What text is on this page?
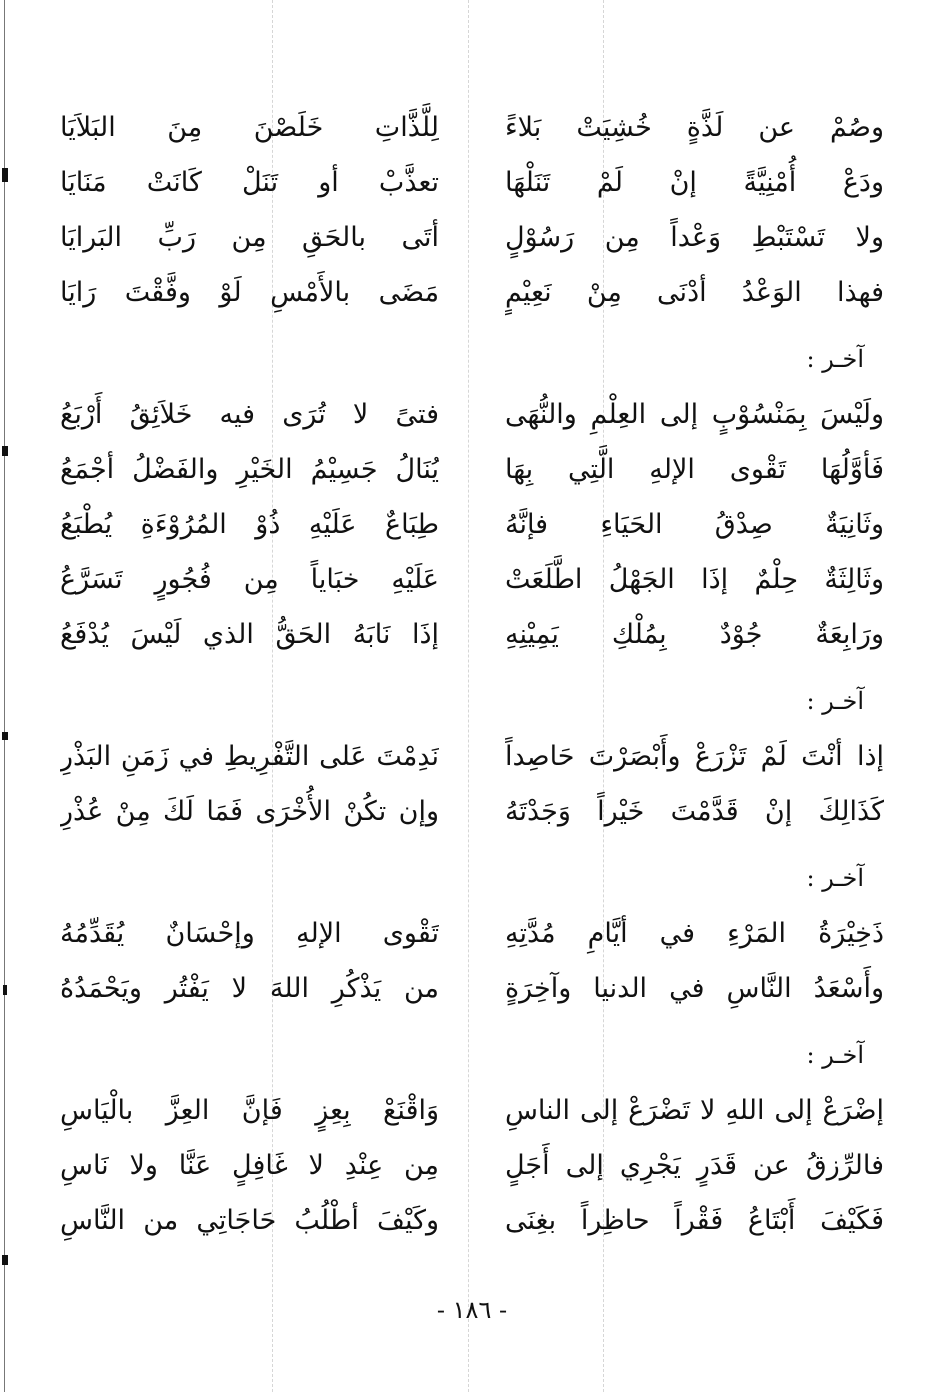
وصُمْ عن لَذَّةٍ خُشِيَتْ بَلاءً
لِلَّذَّاتِ خَلَصْنَ مِنَ البَلاَيَا
ودَعْ أُمْنِيَّةً إنْ لَمْ تَنَلْهَا
تعذَّبْ أو تَنَلْ كَانَتْ مَنَايَا
ولا تَسْتَبْطِ وَعْداً مِن رَسُوْلٍ
أتَى بالحَقِ مِن رَبِّ البَرايَا
فهذا الوَعْدُ أدْنَى مِنْ نَعِيْمٍ
مَضَى بالأَمْسِ لَوْ وفَّقْتَ رَايَا
آخـر :
ولَيْسَ بِمَنْسُوْبٍ إلى العِلْمِ والنُّهَى
فتىً لا تُرَى فيه خَلاَئِقُ أَرْبَعُ
فَأوَّلُهَا تَقْوى الإلهِ الَّتِي بِهَا
يُنَالُ جَسِيْمُ الخَيْرِ والفَضْلُ أجْمَعُ
وثَانِيَةٌ صِدْقُ الحَيَاءِ فإنَّهُ
طِبَاعٌ عَلَيْهِ ذُوْ المُرُوْءَةِ يُطْبَعُ
وثَالِثَةٌ حِلْمٌ إذَا الجَهْلُ اطَّلَعَتْ
عَلَيْهِ خبَاياً مِن فُجُورٍ تَسَرَّعُ
ورَابِعَةٌ جُوْدٌ بِمُلْكِ يَمِيْنِهِ
إذَا نَابَهُ الحَقُّ الذي لَيْسَ يُدْفَعُ
آخـر :
إذا أنْتَ لَمْ تَزْرَعْ وأَبْصَرْتَ حَاصِداً
نَدِمْتَ عَلى التَّفْرِيطِ في زَمَنِ البَذْرِ
كَذَالِكَ إنْ قَدَّمْتَ خَيْراً وَجَدْتَهُ
وإن تكُنْ الأُخْرَى فَمَا لَكَ مِنْ عُذْرِ
آخـر :
ذَخِيْرَةُ المَرْءِ في أيَّامِ مُدَّتِهِ
تَقْوى الإلهِ وإحْسَانٌ يُقَدِّمُهُ
وأَسْعَدُ النَّاسِ في الدنيا وآخِرَةٍ
من يَذْكُرِ اللهَ لا يَفْتُر ويَحْمَدُهُ
آخـر :
إضْرَعْ إلى اللهِ لا تَضْرَعْ إلى الناسِ
وَاقْنَعْ بِعِزٍ فَإنَّ العِزَّ بالْيَاسِ
فالرِّزقُ عن قَدَرٍ يَجْرِي إلى أَجَلٍ
مِن عِنْدِ لا غَافِلٍ عَنَّا ولا نَاسِ
فَكَيْفَ أَبْتَاعُ فَقْراً حاظِراً بغِنَى
وكَيْفَ أطْلُبُ حَاجَاتِي من النَّاسِ
- ١٨٦ -
